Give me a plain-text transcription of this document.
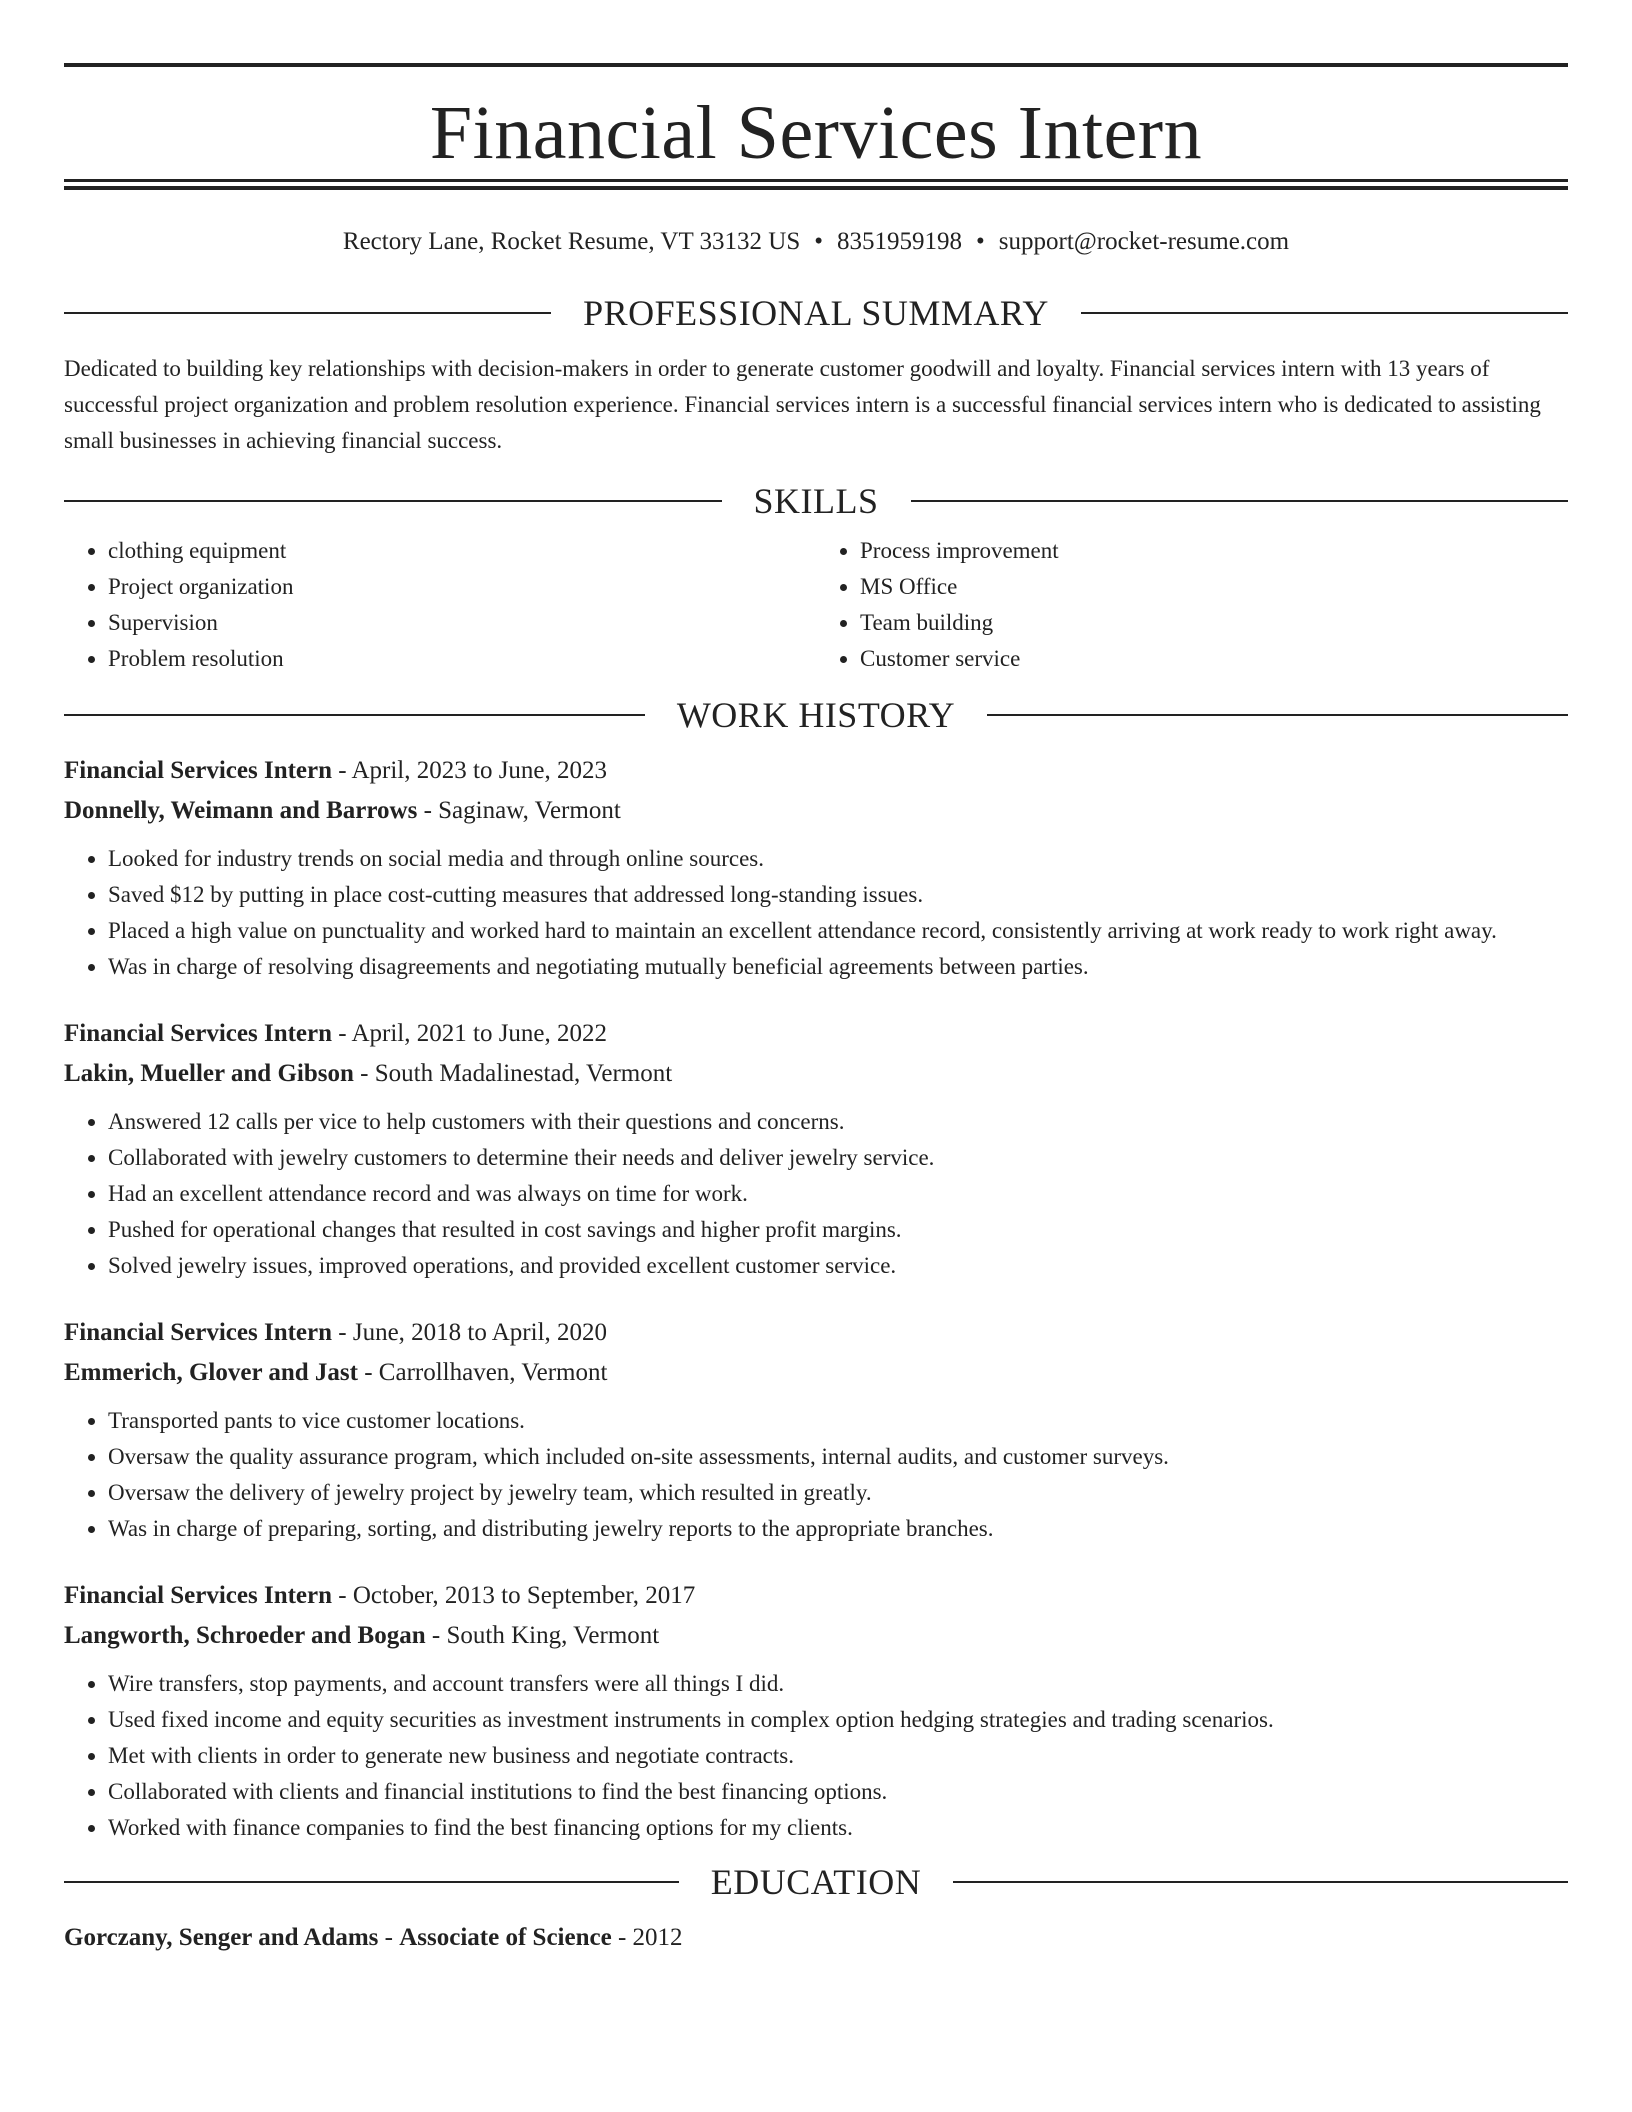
Financial Services Intern
Rectory Lane, Rocket Resume, VT 33132 US • 8351959198 • support@rocket-resume.com
PROFESSIONAL SUMMARY

Dedicated to building key relationships with decision-makers in order to generate customer goodwill and loyalty. Financial services intern with 13 years of successful project organization and problem resolution experience. Financial services intern is a successful financial services intern who is dedicated to assisting small businesses in achieving financial success.

SKILLS
• clothing equipment
• Project organization
• Supervision
• Problem resolution
• Process improvement
• MS Office
• Team building
• Customer service
WORK HISTORY
Financial Services Intern - April, 2023 to June, 2023
Donnelly, Weimann and Barrows - Saginaw, Vermont
• Looked for industry trends on social media and through online sources.
• Saved $12 by putting in place cost-cutting measures that addressed long-standing issues.
• Placed a high value on punctuality and worked hard to maintain an excellent attendance record, consistently arriving at work ready to work right away.
• Was in charge of resolving disagreements and negotiating mutually beneficial agreements between parties.
Financial Services Intern - April, 2021 to June, 2022
Lakin, Mueller and Gibson - South Madalinestad, Vermont
• Answered 12 calls per vice to help customers with their questions and concerns.
• Collaborated with jewelry customers to determine their needs and deliver jewelry service.
• Had an excellent attendance record and was always on time for work.
• Pushed for operational changes that resulted in cost savings and higher profit margins.
• Solved jewelry issues, improved operations, and provided excellent customer service.
Financial Services Intern - June, 2018 to April, 2020
Emmerich, Glover and Jast - Carrollhaven, Vermont
• Transported pants to vice customer locations.
• Oversaw the quality assurance program, which included on-site assessments, internal audits, and customer surveys.
• Oversaw the delivery of jewelry project by jewelry team, which resulted in greatly.
• Was in charge of preparing, sorting, and distributing jewelry reports to the appropriate branches.
Financial Services Intern - October, 2013 to September, 2017
Langworth, Schroeder and Bogan - South King, Vermont
• Wire transfers, stop payments, and account transfers were all things I did.
• Used fixed income and equity securities as investment instruments in complex option hedging strategies and trading scenarios.
• Met with clients in order to generate new business and negotiate contracts.
• Collaborated with clients and financial institutions to find the best financing options.
• Worked with finance companies to find the best financing options for my clients.
EDUCATION
Gorczany, Senger and Adams - Associate of Science - 2012
